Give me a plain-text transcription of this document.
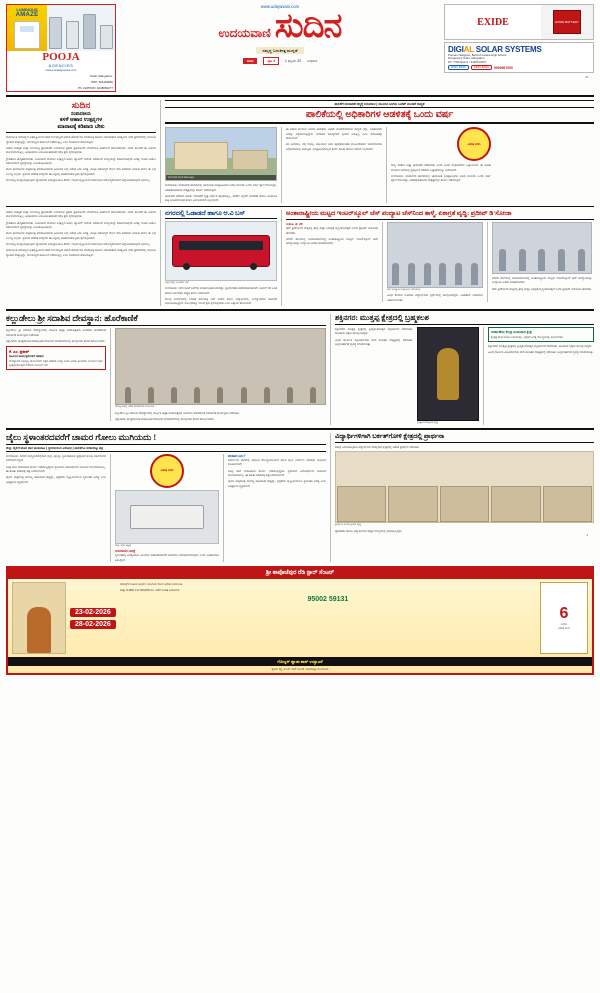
LUMINOUS
AMAZE
POOJA
AGENCIES
www.poojaagencies.com
Kadri, Mangalore,
OPP: ADHARMA
Ph: 2225709 / 9448054277
www.udayavani.com
ಉದಯವಾಣಿ ಸುದಿನ
ಸಮೃದ್ಧ ಬದುಕಿನತ್ತ ಮುನ್ನಡೆ
ಸುದಿನ	ಪುಟ 4	1 ಫೆಬ್ರವರಿ 23 ಬುಧವಾರ
EXIDE	EXIDE BATTERY
DIGIAL SOLAR SYSTEMS
Poonam Saligram, Behind Canara High School,
Dongerkery Katte, Mangaluru
Ph: 7760131171 / 9448723207
HDFC BANK	HDFC BANK	9900967000
M
ಸುದಿನ
ಸಂಪಾದಕೀಯ
ಕಸಳೆ ಆಹಾರ ಉತ್ಪನ್ನಗಳ
ಮಾರಾಟಕ್ಕೆ ಕಡಿವಾಣ ಬೇಕು
ಸಾರ್ವಜನಿಕ ಆರೋಗ್ಯದ ಹಿತದೃಷ್ಟಿಯಿಂದ ಕಳಪೆ ಗುಣಮಟ್ಟದ ಆಹಾರ ಪದಾರ್ಥಗಳ ಮಾರಾಟಕ್ಕೆ ಕಡಿವಾಣ ಹಾಕಬೇಕಾದ ಅಗತ್ಯವಿದೆ. ನಗರ ಪ್ರದೇಶಗಳಲ್ಲಿ ಬೀದಿಬದಿ ವ್ಯಾಪಾರ ಹೆಚ್ಚುತ್ತಿದ್ದು, ಗುಣಮಟ್ಟದ ಪರಿಶೀಲನೆ ನಡೆಯುತ್ತಿಲ್ಲ ಎಂಬ ದೂರುಗಳು ಕೇಳಿಬರುತ್ತಿವೆ.
ಆಹಾರ ಸುರಕ್ಷತೆ ಮತ್ತು ಗುಣಮಟ್ಟ ಪ್ರಾಧಿಕಾರದ ನಿಯಮಗಳ ಪ್ರಕಾರ ಪ್ರತಿಯೊಂದು ಮಳಿಗೆಯೂ ಪರವಾನಿಗೆ ಹೊಂದಿರಬೇಕು. ಆದರೆ ಹಲವೆಡೆ ಈ ನಿಯಮ ಪಾಲನೆಯಾಗುತ್ತಿಲ್ಲ. ಅಧಿಕಾರಿಗಳು ನಿಯಮಿತ ತಪಾಸಣೆ ನಡೆಸಿ ಕ್ರಮ ಕೈಗೊಳ್ಳಬೇಕು.
ಗ್ರಾಹಕರೂ ಜಾಗೃತರಾಗಬೇಕು. ಖರೀದಿಸುವ ಮೊದಲು ಉತ್ಪನ್ನದ ಅವಧಿ, ಪ್ಯಾಕಿಂಗ್ ದಿನಾಂಕ, ಪರವಾನಿಗೆ ಸಂಖ್ಯೆಯನ್ನು ಪರಿಶೀಲಿಸುವುದು ಅಗತ್ಯ. ದೂರು ನೀಡಲು ಸಹಾಯವಾಣಿ ವ್ಯವಸ್ಥೆಯನ್ನು ಬಳಸಿಕೊಳ್ಳಬಹುದು.
ಶಾಲಾ ಕಾಲೇಜುಗಳ ಸುತ್ತಮುತ್ತ ಮಾರಾಟವಾಗುವ ತಿನಿಸುಗಳ ಬಗ್ಗೆ ವಿಶೇಷ ನಿಗಾ ಅಗತ್ಯ. ಮಕ್ಕಳ ಆರೋಗ್ಯದ ಮೇಲೆ ನೇರ ಪರಿಣಾಮ ಬೀರುವ ಕಾರಣ ಈ ಬಗ್ಗೆ ನಿರ್ಲಕ್ಷ್ಯ ಸಲ್ಲದು. ಸ್ಥಳೀಯ ಆಡಳಿತ ಸಂಸ್ಥೆಗಳು ಈ ನಿಟ್ಟಿನಲ್ಲಿ ಪರಿಣಾಮಕಾರಿ ಕ್ರಮ ಕೈಗೊಳ್ಳಬೇಕಿದೆ.
ಗುಣಮಟ್ಟ ಕಾಯ್ದುಕೊಳ್ಳುವುದು ವ್ಯಾಪಾರಿಗಳ ಜವಾಬ್ದಾರಿಯೂ ಹೌದು. ಲಾಭದ ದೃಷ್ಟಿಯಿಂದ ಸಾರ್ವಜನಿಕ ಆರೋಗ್ಯದೊಂದಿಗೆ ಚೆಲ್ಲಾಟವಾಡುವುದು ಸರಿಯಲ್ಲ.
ಪಾಲಿಕೆಗೆ ಚುನಾವಣೆ ಸದ್ಯಕ್ಕೆ ಅನುಮಾನ | ಮುಂದಿನ ತಿಂಗಳು ಬಜೆಟ್ ಮಂಡನೆ ಸಾಧ್ಯತೆ
ಪಾಲಿಕೆಯಲ್ಲಿ ಅಧಿಕಾರಿಗಳ ಆಡಳಿತಕ್ಕೆ ಒಂದು ವರ್ಷ
ಮಹಾನಗರ ಪಾಲಿಕೆ ಕಚೇರಿ ಕಟ್ಟಡ
ಮಂಗಳೂರು: ಮಹಾನಗರ ಪಾಲಿಕೆಯಲ್ಲಿ ಚುನಾಯಿತ ಜನಪ್ರತಿನಿಧಿಗಳ ಅವಧಿ ಮುಗಿದು ಒಂದು ವರ್ಷ ಪೂರ್ಣಗೊಂಡಿದ್ದು, ಆಡಳಿತಾಧಿಕಾರಿಗಳ ನೇತೃತ್ವದಲ್ಲೇ ಕಾರ್ಯ ನಡೆಯುತ್ತಿದೆ.
ಚುನಾವಣೆ ನಡೆಸುವ ಕುರಿತು ಇದುವರೆಗೆ ಸ್ಪಷ್ಟ ನಿರ್ಧಾರ ಹೊರಬಿದ್ದಿಲ್ಲ. ವಾರ್ಡ್ ಪುನರ್ ವಿಂಗಡಣೆ ಹಾಗೂ ಮೀಸಲಾತಿ ಪಟ್ಟಿ ಅಂತಿಮಗೊಳ್ಳದ ಕಾರಣ ವಿಳಂಬವಾಗಿದೆ ಎನ್ನಲಾಗಿದೆ.
ಈ ನಡುವೆ ಮುಂದಿನ ತಿಂಗಳು ಪಾಲಿಕೆಯ ಬಜೆಟ್ ಮಂಡನೆಯಾಗುವ ಸಾಧ್ಯತೆ ಇದ್ದು, ಅಧಿಕಾರಿಗಳೇ ಅದನ್ನು ಸಿದ್ಧಪಡಿಸುತ್ತಿದ್ದಾರೆ. ನಾಗರಿಕರ ಸಮಸ್ಯೆಗಳಿಗೆ ಸ್ಪಂದನೆ ಸಿಗುತ್ತಿಲ್ಲ ಎಂಬ ಆರೋಪವೂ ಕೇಳಿಬಂದಿದೆ.
ಕಸ ವಿಲೇವಾರಿ, ರಸ್ತೆ ದುರಸ್ತಿ, ಕುಡಿಯುವ ನೀರು ಪೂರೈಕೆಯಂತಹ ಮೂಲಸೌಕರ್ಯ ಕಾಮಗಾರಿಗಳು ನಿಧಾನಗತಿಯಲ್ಲಿ ಸಾಗುತ್ತಿವೆ. ಜನಪ್ರತಿನಿಧಿಗಳಿಲ್ಲದ ಕಾರಣ ದೂರು ಹೇಳಲು ವೇದಿಕೆ ಇಲ್ಲವಾಗಿದೆ.
ವಿಶೇಷ ವರದಿ
ರಾಜ್ಯ ಸರಕಾರ ಶೀಘ್ರ ಚುನಾವಣೆ ನಡೆಸಬೇಕು ಎಂದು ವಿವಿಧ ಸಂಘಟನೆಗಳು ಒತ್ತಾಯಿಸಿವೆ. ಈ ಕುರಿತು ಮುಂದಿನ ದಿನಗಳಲ್ಲಿ ಪ್ರತಿಭಟನೆ ನಡೆಸುವ ಎಚ್ಚರಿಕೆಯನ್ನೂ ನೀಡಲಾಗಿದೆ.
ಮಂಗಳೂರು: ಮಹಾನಗರ ಪಾಲಿಕೆಯಲ್ಲಿ ಚುನಾಯಿತ ಜನಪ್ರತಿನಿಧಿಗಳ ಅವಧಿ ಮುಗಿದು ಒಂದು ವರ್ಷ ಪೂರ್ಣಗೊಂಡಿದ್ದು, ಆಡಳಿತಾಧಿಕಾರಿಗಳ ನೇತೃತ್ವದಲ್ಲೇ ಕಾರ್ಯ ನಡೆಯುತ್ತಿದೆ.
ಆಹಾರ ಸುರಕ್ಷತೆ ಮತ್ತು ಗುಣಮಟ್ಟ ಪ್ರಾಧಿಕಾರದ ನಿಯಮಗಳ ಪ್ರಕಾರ ಪ್ರತಿಯೊಂದು ಮಳಿಗೆಯೂ ಪರವಾನಿಗೆ ಹೊಂದಿರಬೇಕು. ಆದರೆ ಹಲವೆಡೆ ಈ ನಿಯಮ ಪಾಲನೆಯಾಗುತ್ತಿಲ್ಲ. ಅಧಿಕಾರಿಗಳು ನಿಯಮಿತ ತಪಾಸಣೆ ನಡೆಸಿ ಕ್ರಮ ಕೈಗೊಳ್ಳಬೇಕು.
ಗ್ರಾಹಕರೂ ಜಾಗೃತರಾಗಬೇಕು. ಖರೀದಿಸುವ ಮೊದಲು ಉತ್ಪನ್ನದ ಅವಧಿ, ಪ್ಯಾಕಿಂಗ್ ದಿನಾಂಕ, ಪರವಾನಿಗೆ ಸಂಖ್ಯೆಯನ್ನು ಪರಿಶೀಲಿಸುವುದು ಅಗತ್ಯ. ದೂರು ನೀಡಲು ಸಹಾಯವಾಣಿ ವ್ಯವಸ್ಥೆಯನ್ನು ಬಳಸಿಕೊಳ್ಳಬಹುದು.
ಶಾಲಾ ಕಾಲೇಜುಗಳ ಸುತ್ತಮುತ್ತ ಮಾರಾಟವಾಗುವ ತಿನಿಸುಗಳ ಬಗ್ಗೆ ವಿಶೇಷ ನಿಗಾ ಅಗತ್ಯ. ಮಕ್ಕಳ ಆರೋಗ್ಯದ ಮೇಲೆ ನೇರ ಪರಿಣಾಮ ಬೀರುವ ಕಾರಣ ಈ ಬಗ್ಗೆ ನಿರ್ಲಕ್ಷ್ಯ ಸಲ್ಲದು. ಸ್ಥಳೀಯ ಆಡಳಿತ ಸಂಸ್ಥೆಗಳು ಈ ನಿಟ್ಟಿನಲ್ಲಿ ಪರಿಣಾಮಕಾರಿ ಕ್ರಮ ಕೈಗೊಳ್ಳಬೇಕಿದೆ.
ಗುಣಮಟ್ಟ ಕಾಯ್ದುಕೊಳ್ಳುವುದು ವ್ಯಾಪಾರಿಗಳ ಜವಾಬ್ದಾರಿಯೂ ಹೌದು. ಲಾಭದ ದೃಷ್ಟಿಯಿಂದ ಸಾರ್ವಜನಿಕ ಆರೋಗ್ಯದೊಂದಿಗೆ ಚೆಲ್ಲಾಟವಾಡುವುದು ಸರಿಯಲ್ಲ.
ಸಾರ್ವಜನಿಕ ಆರೋಗ್ಯದ ಹಿತದೃಷ್ಟಿಯಿಂದ ಕಳಪೆ ಗುಣಮಟ್ಟದ ಆಹಾರ ಪದಾರ್ಥಗಳ ಮಾರಾಟಕ್ಕೆ ಕಡಿವಾಣ ಹಾಕಬೇಕಾದ ಅಗತ್ಯವಿದೆ. ನಗರ ಪ್ರದೇಶಗಳಲ್ಲಿ ಬೀದಿಬದಿ ವ್ಯಾಪಾರ ಹೆಚ್ಚುತ್ತಿದ್ದು, ಗುಣಮಟ್ಟದ ಪರಿಶೀಲನೆ ನಡೆಯುತ್ತಿಲ್ಲ ಎಂಬ ದೂರುಗಳು ಕೇಳಿಬರುತ್ತಿವೆ.
ನಗರದಲ್ಲಿ ಓಡಾಡದೆ ಹಾಗೂ ಆ.ವಿ ಬಸ್
ನಿಲ್ದಾಣದಲ್ಲಿ ನಿಂತಿರುವ ಬಸ್
ಮಂಗಳೂರು: ನಗರ ಸಾರಿಗೆ ಬಸ್‌ಗಳ ಸಂಚಾರ ಕಡಿಮೆಯಾಗಿದ್ದು, ಪ್ರಯಾಣಿಕರು ಪರದಾಡುವಂತಾಗಿದೆ. ಡೀಸೆಲ್ ದರ ಏರಿಕೆ ಹಾಗೂ ನಿರ್ವಹಣಾ ವೆಚ್ಚದ ಕಾರಣ ನೀಡಲಾಗಿದೆ.
ಹಲವು ಮಾರ್ಗಗಳಲ್ಲಿ ನಿಗದಿತ ಸಮಯಕ್ಕೆ ಬಸ್ ಬಾರದ ಕಾರಣ ವಿದ್ಯಾರ್ಥಿಗಳು, ಉದ್ಯೋಗಿಗಳು ತೊಂದರೆ ಅನುಭವಿಸುತ್ತಿದ್ದಾರೆ. ಸಂಬಂಧಪಟ್ಟ ಇಲಾಖೆ ಕ್ರಮ ಕೈಗೊಳ್ಳಬೇಕು ಎಂಬ ಒತ್ತಾಯ ಕೇಳಿಬಂದಿದೆ.
ಅಂತಾರಾಷ್ಟ್ರೀಯ ಮಟ್ಟದ ಇಂಟರ್‌ಸ್ಕೂಲ್ ಚೆಸ್ ಪಂದ್ಯಾಟ ಚೆಸ್‌ನಿಂದ ತಾಳ್ಮೆ, ಏಕಾಗ್ರತೆ ವೃದ್ಧಿ: ಪ್ರದೀಪ್ ಡಿ'ಸೋಜಾ
ಉಡುಪಿ, ಫೆ. 28:
ಚೆಸ್ ಕ್ರೀಡೆಯಿಂದ ಮಕ್ಕಳಲ್ಲಿ ತಾಳ್ಮೆ ಮತ್ತು ಏಕಾಗ್ರತೆ ವೃದ್ಧಿಯಾಗುತ್ತದೆ ಎಂದು ಪ್ರದೀಪ್ ಡಿ'ಸೋಜಾ ಹೇಳಿದರು.
ನಗರದ ಶಾಲೆಯಲ್ಲಿ ಆಯೋಜಿಸಲಾಗಿದ್ದ ಅಂತಾರಾಷ್ಟ್ರೀಯ ಮಟ್ಟದ ಇಂಟರ್‌ಸ್ಕೂಲ್ ಚೆಸ್ ಪಂದ್ಯಾಟವನ್ನು ಉದ್ಘಾಟಿಸಿ ಅವರು ಮಾತನಾಡಿದರು.
ಚೆಸ್ ಪಂದ್ಯಾಟ ಉದ್ಘಾಟನಾ ಸಮಾರಂಭ
ವಿವಿಧ ಶಾಲೆಗಳ ನೂರಾರು ವಿದ್ಯಾರ್ಥಿಗಳು ಸ್ಪರ್ಧೆಯಲ್ಲಿ ಪಾಲ್ಗೊಂಡಿದ್ದರು. ವಿಜೇತರಿಗೆ ಬಹುಮಾನ ವಿತರಿಸಲಾಯಿತು.
ನಗರದ ಶಾಲೆಯಲ್ಲಿ ಆಯೋಜಿಸಲಾಗಿದ್ದ ಅಂತಾರಾಷ್ಟ್ರೀಯ ಮಟ್ಟದ ಇಂಟರ್‌ಸ್ಕೂಲ್ ಚೆಸ್ ಪಂದ್ಯಾಟವನ್ನು ಉದ್ಘಾಟಿಸಿ ಅವರು ಮಾತನಾಡಿದರು.
ಚೆಸ್ ಕ್ರೀಡೆಯಿಂದ ಮಕ್ಕಳಲ್ಲಿ ತಾಳ್ಮೆ ಮತ್ತು ಏಕಾಗ್ರತೆ ವೃದ್ಧಿಯಾಗುತ್ತದೆ ಎಂದು ಪ್ರದೀಪ್ ಡಿ'ಸೋಜಾ ಹೇಳಿದರು.
ಕಲ್ಲುಡೇಲು ಶ್ರೀ ಸದಾಶಿವ ದೇವಸ್ಥಾನ: ಹೊರೆಕಾಣಿಕೆ
ಕಲ್ಲುಡೇಲು ಶ್ರೀ ಸದಾಶಿವ ದೇವಸ್ಥಾನದಲ್ಲಿ ವಾರ್ಷಿಕ ಜಾತ್ರಾ ಮಹೋತ್ಸವದ ಅಂಗವಾಗಿ ಹೊರೆಕಾಣಿಕೆ ಸಮರ್ಪಣೆ ಕಾರ್ಯಕ್ರಮ ನಡೆಯಿತು.
ಭಕ್ತಾದಿಗಳು ಸಾಂಪ್ರದಾಯಿಕ ವೇಷಭೂಷಣದೊಂದಿಗೆ ಮೆರವಣಿಗೆಯಲ್ಲಿ ಪಾಲ್ಗೊಂಡು ಕಾಣಿಕೆ ಸಮರ್ಪಿಸಿದರು.
ಕೆ. ಎಂ. ಪ್ರಕಾಶ್
ಧಾರ್ಮಿಕ ಕಾರ್ಯಕ್ರಮಗಳಿಗೆ ಸಹಕಾರ
ದೇವಸ್ಥಾನದ ಅಭಿವೃದ್ಧಿ ಕಾರ್ಯಗಳಿಗೆ ಭಕ್ತರ ಸಹಕಾರ ಅಗತ್ಯ ಎಂದು ಅವರು ತಿಳಿಸಿದರು. ಮುಂದಿನ ವರ್ಷ ಬ್ರಹ್ಮಕಲಶೋತ್ಸವ ನಡೆಸುವ ಯೋಜನೆ ಇದೆ.
ದೇವಸ್ಥಾನದಲ್ಲಿ ನಡೆದ ಹೊರೆಕಾಣಿಕೆ ಸಮರ್ಪಣೆ
ಕಲ್ಲುಡೇಲು ಶ್ರೀ ಸದಾಶಿವ ದೇವಸ್ಥಾನದಲ್ಲಿ ವಾರ್ಷಿಕ ಜಾತ್ರಾ ಮಹೋತ್ಸವದ ಅಂಗವಾಗಿ ಹೊರೆಕಾಣಿಕೆ ಸಮರ್ಪಣೆ ಕಾರ್ಯಕ್ರಮ ನಡೆಯಿತು.
ಭಕ್ತಾದಿಗಳು ಸಾಂಪ್ರದಾಯಿಕ ವೇಷಭೂಷಣದೊಂದಿಗೆ ಮೆರವಣಿಗೆಯಲ್ಲಿ ಪಾಲ್ಗೊಂಡು ಕಾಣಿಕೆ ಸಮರ್ಪಿಸಿದರು.
ಶಕ್ತಿನಗರ: ಮುತ್ತಪ್ಪ ಕ್ಷೇತ್ರದಲ್ಲಿ ಬ್ರಹ್ಮಕಲಶ
ಶಕ್ತಿನಗರದ ಮುತ್ತಪ್ಪ ಕ್ಷೇತ್ರದಲ್ಲಿ ಬ್ರಹ್ಮಕಲಶೋತ್ಸವ ವೈಭವದಿಂದ ನೆರವೇರಿತು. ಸಾವಿರಾರು ಭಕ್ತರು ಪಾಲ್ಗೊಂಡಿದ್ದರು.
ವಿವಿಧ ಧಾರ್ಮಿಕ ವಿಧಿವಿಧಾನಗಳು ವೇದ ಪಂಡಿತರ ನೇತೃತ್ವದಲ್ಲಿ ನಡೆಯಿತು. ಅನ್ನಸಂತರ್ಪಣೆ ವ್ಯವಸ್ಥೆ ಮಾಡಲಾಗಿತ್ತು.
ಬ್ರಹ್ಮಕಲಶೋತ್ಸವದ ದೃಶ್ಯ
ಆಕರ್ಷಣೆಯ ಕೇಂದ್ರ ಬಿಂದುವಾದ ಕ್ಷೇತ್ರ
ಕ್ಷೇತ್ರಕ್ಕೆ ಹೊಸ ರೂಪ ನೀಡಲಾಗಿದ್ದು, ಭಕ್ತರಿಗೆ ಅಗತ್ಯ ಸೌಲಭ್ಯಗಳನ್ನು ಕಲ್ಪಿಸಲಾಗಿದೆ.
ಶಕ್ತಿನಗರದ ಮುತ್ತಪ್ಪ ಕ್ಷೇತ್ರದಲ್ಲಿ ಬ್ರಹ್ಮಕಲಶೋತ್ಸವ ವೈಭವದಿಂದ ನೆರವೇರಿತು. ಸಾವಿರಾರು ಭಕ್ತರು ಪಾಲ್ಗೊಂಡಿದ್ದರು.
ವಿವಿಧ ಧಾರ್ಮಿಕ ವಿಧಿವಿಧಾನಗಳು ವೇದ ಪಂಡಿತರ ನೇತೃತ್ವದಲ್ಲಿ ನಡೆಯಿತು. ಅನ್ನಸಂತರ್ಪಣೆ ವ್ಯವಸ್ಥೆ ಮಾಡಲಾಗಿತ್ತು.
ಜೈಲು ಸ್ಥಳಾಂತರದವರೆಗೆ ಚಾಮರ ಗೋಲು ಮುಗಿಯದು !
ಜಿಲ್ಲಾ ಜೈಲಿಗೆ ಹೊಸ ಜಾಗ ಹುಡುಕಾಟ | ಸ್ಥಳೀಯರಿಂದ ವಿರೋಧ | ಪಾಲಿಕೆಗೂ ಸರಕಾರಕ್ಕೂ ಪತ್ರ
ಮಂಗಳೂರು: ನಗರದ ಮಧ್ಯಭಾಗದಲ್ಲಿರುವ ಜಿಲ್ಲಾ ಜೈಲನ್ನು ಸ್ಥಳಾಂತರಿಸುವ ಪ್ರಸ್ತಾವನೆ ಹಲವು ವರ್ಷಗಳಿಂದ ನನೆಗುದಿಗೆ ಬಿದ್ದಿದೆ.
ಸೂಕ್ತ ಜಾಗ ಗುರುತಿಸುವ ಕಾರ್ಯ ನಡೆಯುತ್ತಿದ್ದರೂ ಸ್ಥಳೀಯರ ವಿರೋಧದಿಂದ ಯೋಜನೆ ಮುಂದುವರಿದಿಲ್ಲ. ಈ ಕುರಿತು ಸರಕಾರಕ್ಕೆ ಪತ್ರ ಬರೆಯಲಾಗಿದೆ.
ಜೈಲಿನ ಸುತ್ತಮುತ್ತ ವಾಣಿಜ್ಯ ಚಟುವಟಿಕೆ ಹೆಚ್ಚಿದ್ದು, ಭದ್ರತೆಯ ದೃಷ್ಟಿಯಿಂದಲೂ ಸ್ಥಳಾಂತರ ಅಗತ್ಯ ಎಂಬ ಅಭಿಪ್ರಾಯ ವ್ಯಕ್ತವಾಗಿದೆ.
ವಿಶೇಷ ವರದಿ
ಜಿಲ್ಲಾ ಜೈಲು ಕಟ್ಟಡ
ಅನುದಾನದ ನಿರೀಕ್ಷೆ
ಸ್ಥಳಾಂತರಕ್ಕೆ ಅಗತ್ಯವಿರುವ ಅನುದಾನ ಬಿಡುಗಡೆಯಾದರೆ ಕಾಮಗಾರಿ ಆರಂಭಿಸಲಾಗುವುದು ಎಂದು ಅಧಿಕಾರಿಗಳು ತಿಳಿಸಿದ್ದಾರೆ.
ಪರಿಹಾರ ಏನು?
ಪರ್ಯಾಯ ಜಾಗದಲ್ಲಿ ಆಧುನಿಕ ಸೌಲಭ್ಯಗಳೊಂದಿಗೆ ಹೊಸ ಜೈಲು ನಿರ್ಮಾಣ ಮಾಡುವ ಯೋಜನೆ ರೂಪಿಸಲಾಗಿದೆ.
ಸೂಕ್ತ ಜಾಗ ಗುರುತಿಸುವ ಕಾರ್ಯ ನಡೆಯುತ್ತಿದ್ದರೂ ಸ್ಥಳೀಯರ ವಿರೋಧದಿಂದ ಯೋಜನೆ ಮುಂದುವರಿದಿಲ್ಲ. ಈ ಕುರಿತು ಸರಕಾರಕ್ಕೆ ಪತ್ರ ಬರೆಯಲಾಗಿದೆ.
ಜೈಲಿನ ಸುತ್ತಮುತ್ತ ವಾಣಿಜ್ಯ ಚಟುವಟಿಕೆ ಹೆಚ್ಚಿದ್ದು, ಭದ್ರತೆಯ ದೃಷ್ಟಿಯಿಂದಲೂ ಸ್ಥಳಾಂತರ ಅಗತ್ಯ ಎಂಬ ಅಭಿಪ್ರಾಯ ವ್ಯಕ್ತವಾಗಿದೆ.
ವಿದ್ಯಾರ್ಥಿಗಳಿಗಾಗಿ ಬರ್ಕತ್‌ಗೋಳಿ ಕ್ಷೇತ್ರದಲ್ಲಿ ಪ್ರಾರ್ಥನಾ
ಪರೀಕ್ಷೆ ಎದುರಿಸುತ್ತಿರುವ ವಿದ್ಯಾರ್ಥಿಗಳ ಯಶಸ್ಸಿಗಾಗಿ ಕ್ಷೇತ್ರದಲ್ಲಿ ವಿಶೇಷ ಪ್ರಾರ್ಥನೆ ನಡೆಯಿತು.
ಪ್ರಾರ್ಥನಾ ಕಾರ್ಯಕ್ರಮದ ದೃಶ್ಯ
ಪೋಷಕರು ಹಾಗೂ ವಿದ್ಯಾರ್ಥಿಗಳು ಹೆಚ್ಚಿನ ಸಂಖ್ಯೆಯಲ್ಲಿ ಭಾಗವಹಿಸಿದ್ದರು.
4
ಶ್ರೀ ಕಾಪೊಜೆಪುರ ರೆಡಿ ಸ್ಟಾರ್ ಸೆಂಟರ್
23-02-2026
28-02-2026
ಯಾವುದೇ ರೀತಿಯ ಆಭರಣ ಖರೀದಿಯ ಮೇಲೆ ವಿಶೇಷ ರಿಯಾಯಿತಿ
ಮತ್ತು 6,000 ರಿಂದ 60,000 ರೂ. ವರೆಗೆ ಉಚಿತ ಬಹುಮಾನ
95002 59131
6
ದಿನಗಳ
ವಿಶೇಷ ಮೇಳ
ಗೋಲ್ಡನ್ ಪ್ಲಾಜಾ ಶಾಪ್ ಉದ್ಘಾಟನೆ
ಸ್ಟೇಶನ್ ರಸ್ತೆ, ಕೆ.ಎಸ್. ರಾವ್ ರೋಡ್, ಹಂಪನಕಟ್ಟೆ, ಮಂಗಳೂರು
